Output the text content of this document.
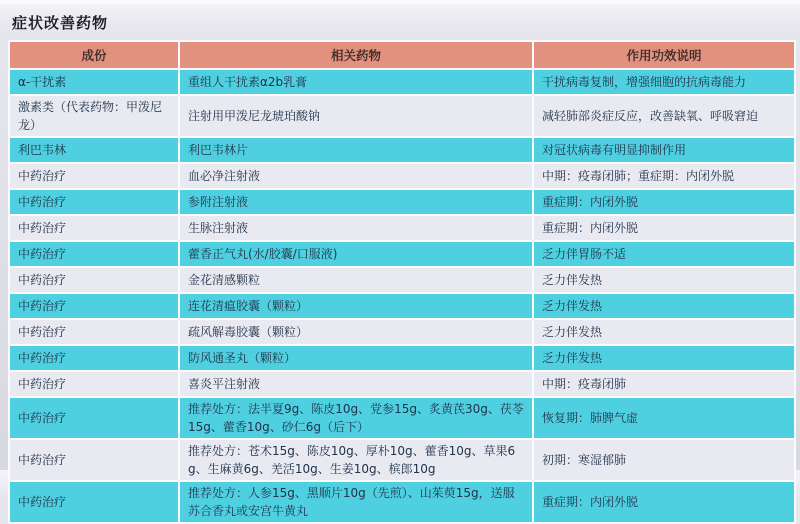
症状改善药物
成份	相关药物	作用功效说明
α-干扰素	重组人干扰素α2b乳膏	干扰病毒复制，增强细胞的抗病毒能力
激素类（代表药物：甲泼尼龙）	注射用甲泼尼龙琥珀酸钠	减轻肺部炎症反应，改善缺氧、呼吸窘迫
利巴韦林	利巴韦林片	对冠状病毒有明显抑制作用
中药治疗	血必净注射液	中期：疫毒闭肺；重症期：内闭外脱
中药治疗	参附注射液	重症期：内闭外脱
中药治疗	生脉注射液	重症期：内闭外脱
中药治疗	藿香正气丸(水/胶囊/口服液)	乏力伴胃肠不适
中药治疗	金花清感颗粒	乏力伴发热
中药治疗	连花清瘟胶囊（颗粒）	乏力伴发热
中药治疗	疏风解毒胶囊（颗粒）	乏力伴发热
中药治疗	防风通圣丸（颗粒）	乏力伴发热
中药治疗	喜炎平注射液	中期：疫毒闭肺
中药治疗	推荐处方：法半夏9g、陈皮10g、党参15g、炙黄芪30g、茯苓15g、藿香10g、砂仁6g（后下）	恢复期：肺脾气虚
中药治疗	推荐处方：苍术15g、陈皮10g、厚朴10g、藿香10g、草果6g、生麻黄6g、羌活10g、生姜10g、槟郎10g	初期：寒湿郁肺
中药治疗	推荐处方：人参15g、黑顺片10g（先煎）、山茱萸15g，送服苏合香丸或安宫牛黄丸	重症期：内闭外脱
